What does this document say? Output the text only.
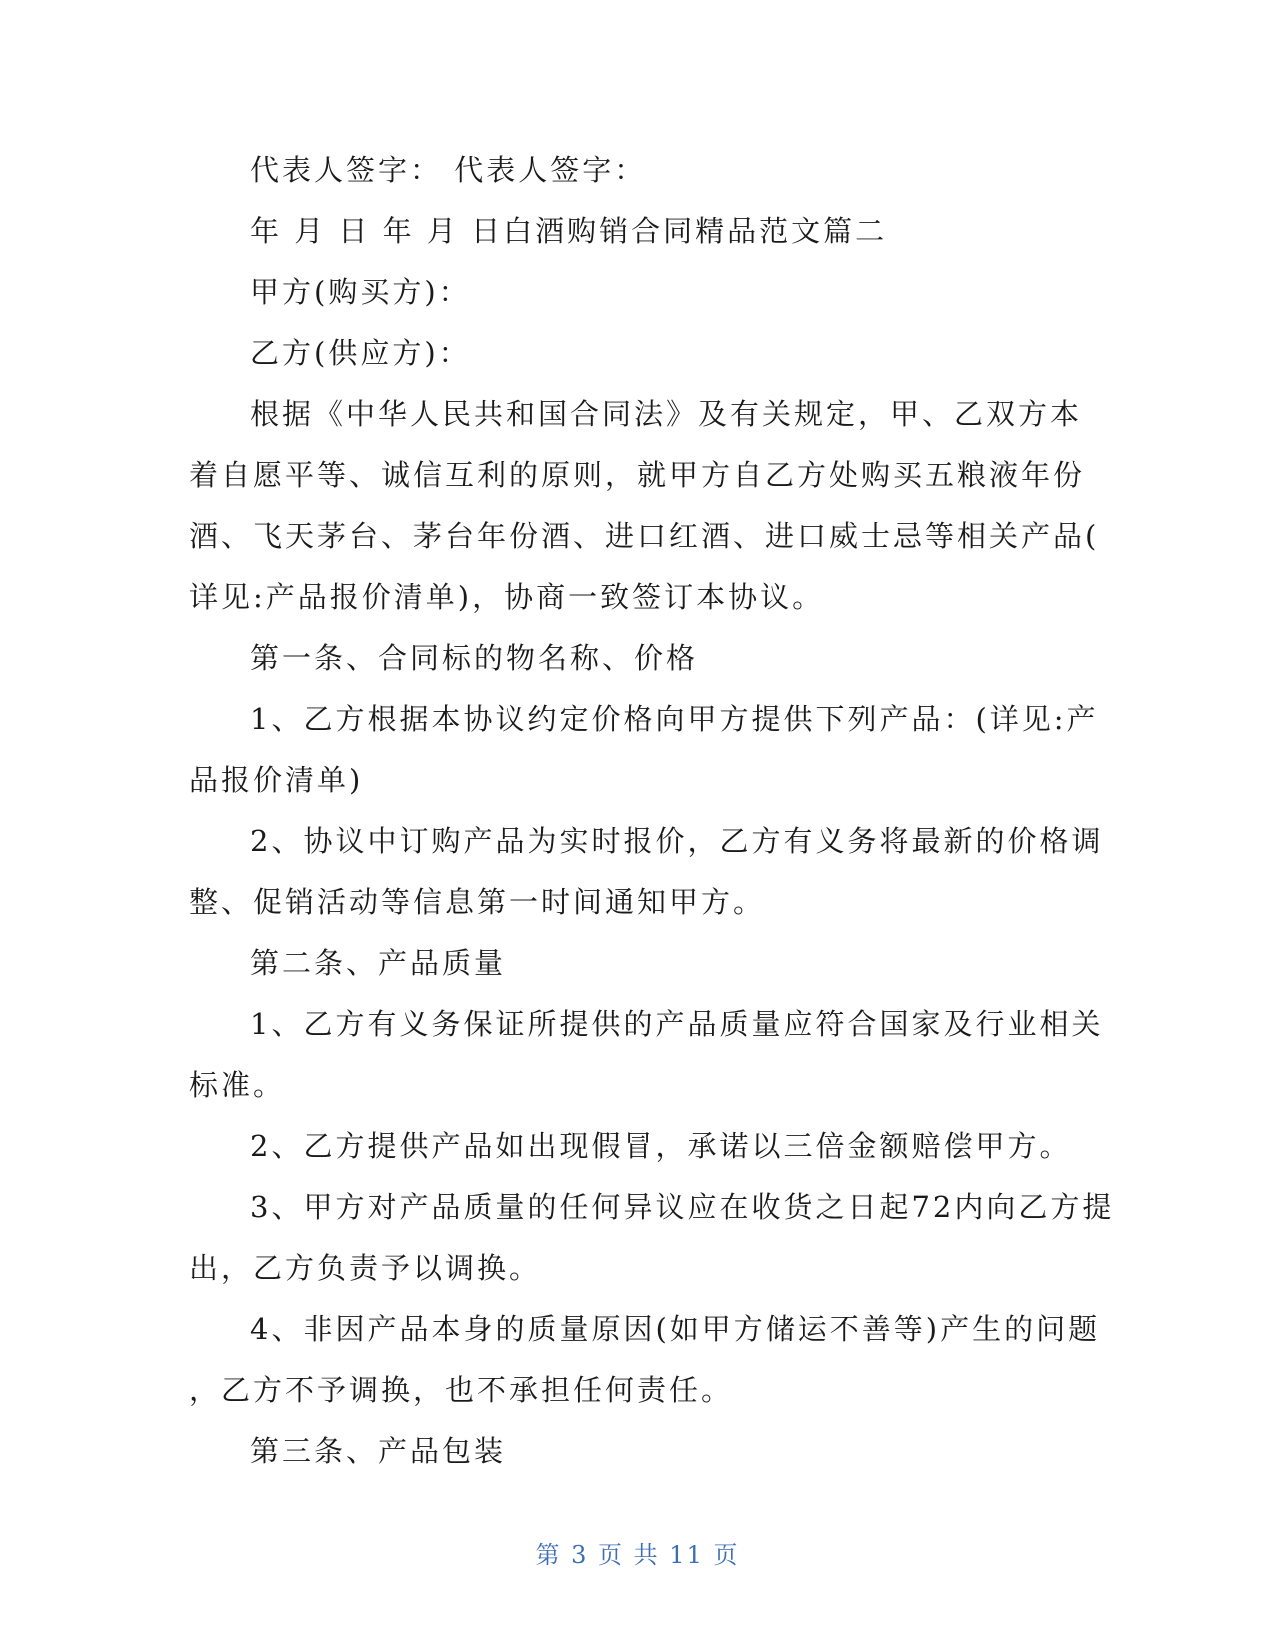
代表人签字： 代表人签字：
年 月 日 年 月 日白酒购销合同精品范文篇二
甲方(购买方)：
乙方(供应方)：
根据《中华人民共和国合同法》及有关规定，甲、乙双方本
着自愿平等、诚信互利的原则，就甲方自乙方处购买五粮液年份
酒、飞天茅台、茅台年份酒、进口红酒、进口威士忌等相关产品(
详见:产品报价清单)，协商一致签订本协议。
第一条、合同标的物名称、价格
1、乙方根据本协议约定价格向甲方提供下列产品：(详见:产
品报价清单)
2、协议中订购产品为实时报价，乙方有义务将最新的价格调
整、促销活动等信息第一时间通知甲方。
第二条、产品质量
1、乙方有义务保证所提供的产品质量应符合国家及行业相关
标准。
2、乙方提供产品如出现假冒，承诺以三倍金额赔偿甲方。
3、甲方对产品质量的任何异议应在收货之日起72内向乙方提
出，乙方负责予以调换。
4、非因产品本身的质量原因(如甲方储运不善等)产生的问题
，乙方不予调换，也不承担任何责任。
第三条、产品包装
第 3 页 共 11 页
